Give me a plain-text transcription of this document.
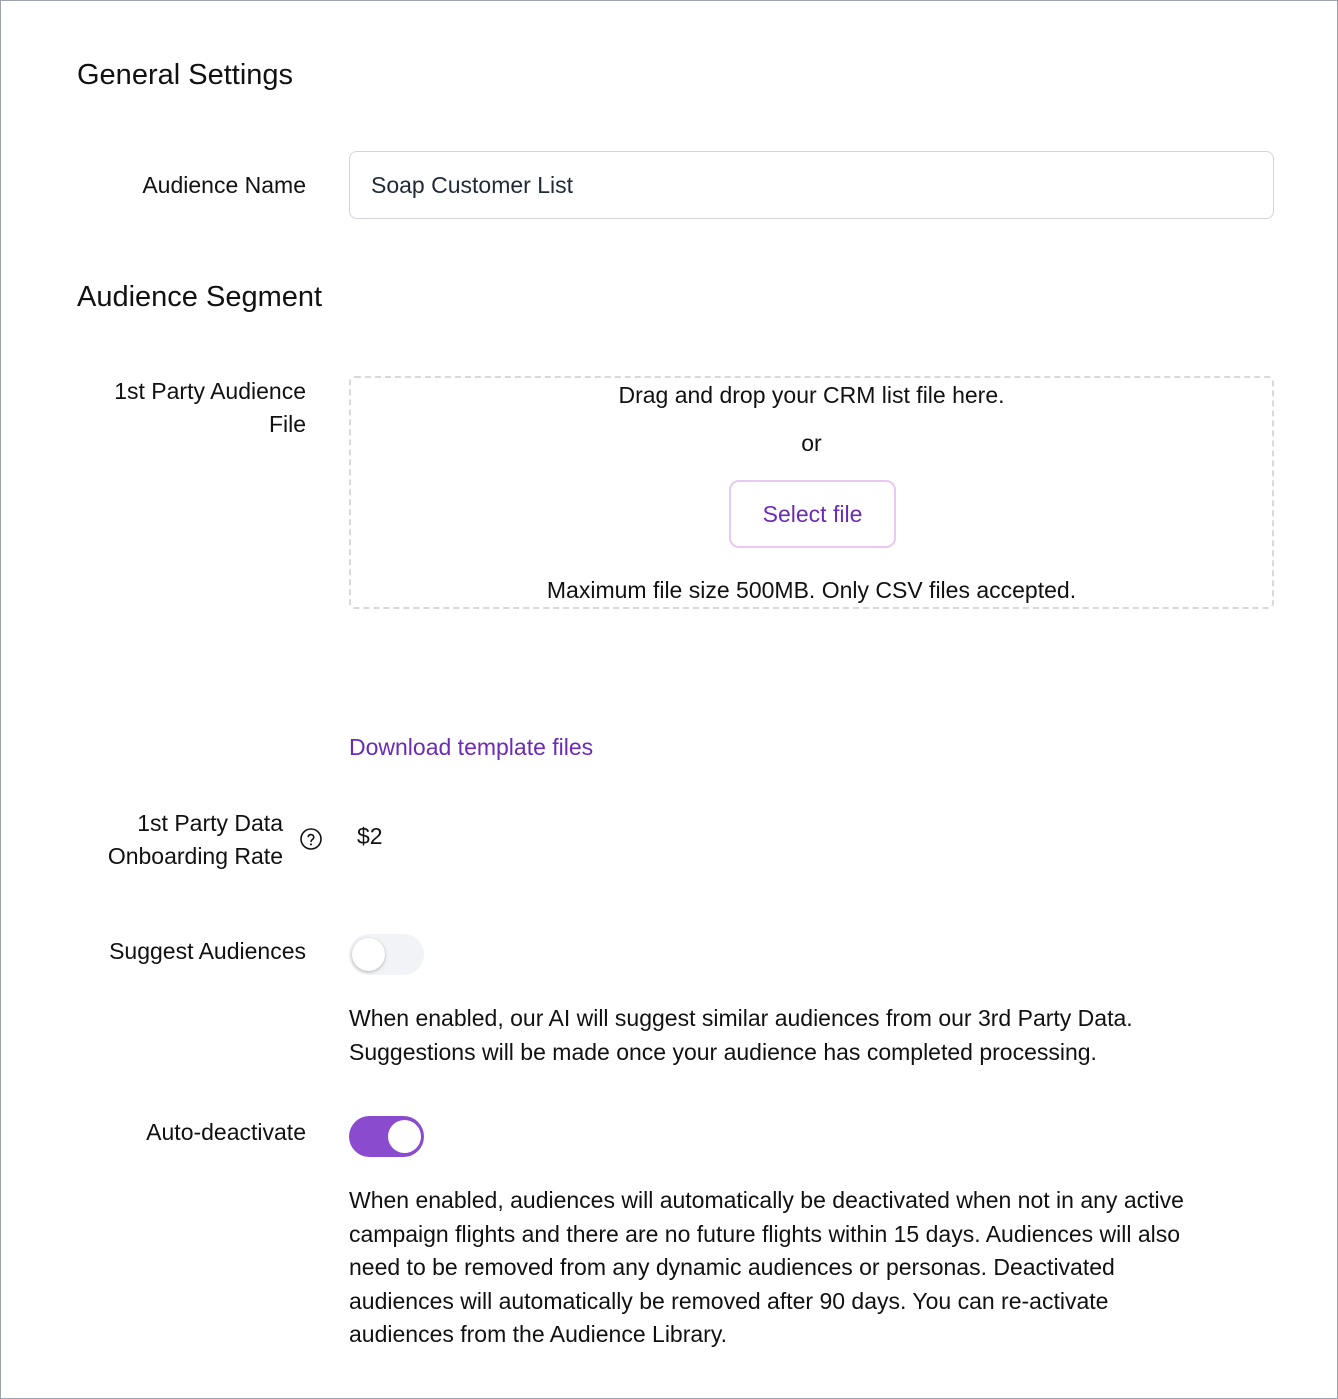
General Settings
Audience Name
Soap Customer List
Audience Segment
1st Party Audience
File
Drag and drop your CRM list file here.
or
Select file
Maximum file size 500MB. Only CSV files accepted.
Download template files
1st Party Data
Onboarding Rate
$2
Suggest Audiences
When enabled, our AI will suggest similar audiences from our 3rd Party Data.
Suggestions will be made once your audience has completed processing.
Auto-deactivate
When enabled, audiences will automatically be deactivated when not in any active
campaign flights and there are no future flights within 15 days. Audiences will also
need to be removed from any dynamic audiences or personas. Deactivated
audiences will automatically be removed after 90 days. You can re-activate
audiences from the Audience Library.
